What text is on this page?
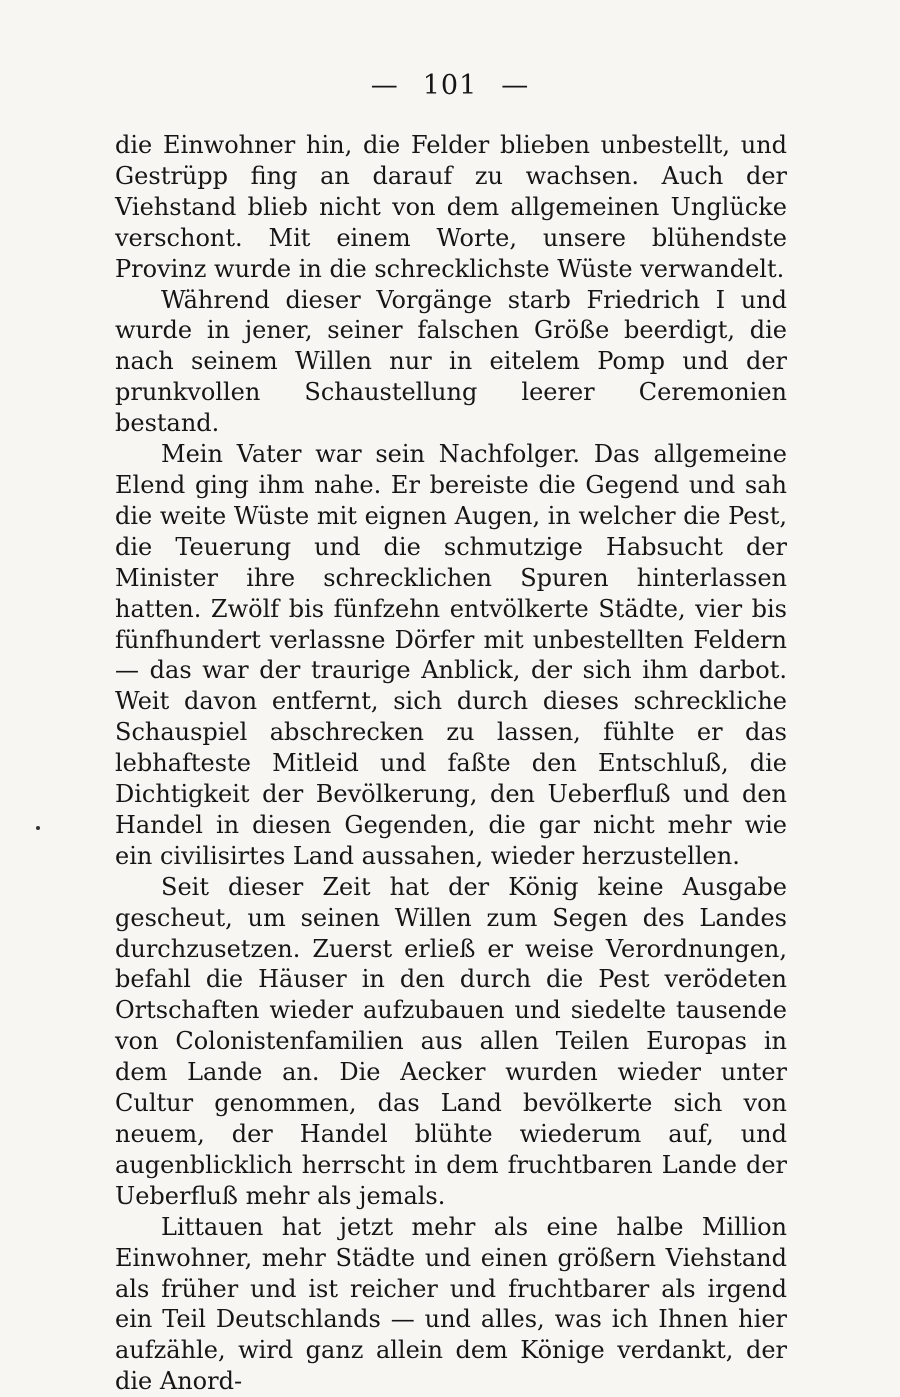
— 101 —

die Einwohner hin, die Felder blieben unbestellt, und Gestrüpp fing an darauf zu wachsen. Auch der Viehstand blieb nicht von dem allgemeinen Unglücke verschont. Mit einem Worte, unsere blühendste Provinz wurde in die schrecklichste Wüste verwandelt.

Während dieser Vorgänge starb Friedrich I und wurde in jener, seiner falschen Größe beerdigt, die nach seinem Willen nur in eitelem Pomp und der prunkvollen Schaustellung leerer Ceremonien bestand.

Mein Vater war sein Nachfolger. Das allgemeine Elend ging ihm nahe. Er bereiste die Gegend und sah die weite Wüste mit eignen Augen, in welcher die Pest, die Teuerung und die schmutzige Habsucht der Minister ihre schrecklichen Spuren hinterlassen hatten. Zwölf bis fünfzehn entvölkerte Städte, vier bis fünfhundert verlassne Dörfer mit unbestellten Feldern — das war der traurige Anblick, der sich ihm darbot. Weit davon entfernt, sich durch dieses schreckliche Schauspiel abschrecken zu lassen, fühlte er das lebhafteste Mitleid und faßte den Entschluß, die Dichtigkeit der Bevölkerung, den Ueberfluß und den Handel in diesen Gegenden, die gar nicht mehr wie ein civilisirtes Land aussahen, wieder herzustellen.

Seit dieser Zeit hat der König keine Ausgabe gescheut, um seinen Willen zum Segen des Landes durchzusetzen. Zuerst erließ er weise Verordnungen, befahl die Häuser in den durch die Pest verödeten Ortschaften wieder aufzubauen und siedelte tausende von Colonistenfamilien aus allen Teilen Europas in dem Lande an. Die Aecker wurden wieder unter Cultur genommen, das Land bevölkerte sich von neuem, der Handel blühte wiederum auf, und augenblicklich herrscht in dem fruchtbaren Lande der Ueberfluß mehr als jemals.

Littauen hat jetzt mehr als eine halbe Million Einwohner, mehr Städte und einen größern Viehstand als früher und ist reicher und fruchtbarer als irgend ein Teil Deutschlands — und alles, was ich Ihnen hier aufzähle, wird ganz allein dem Könige verdankt, der die Anord-
